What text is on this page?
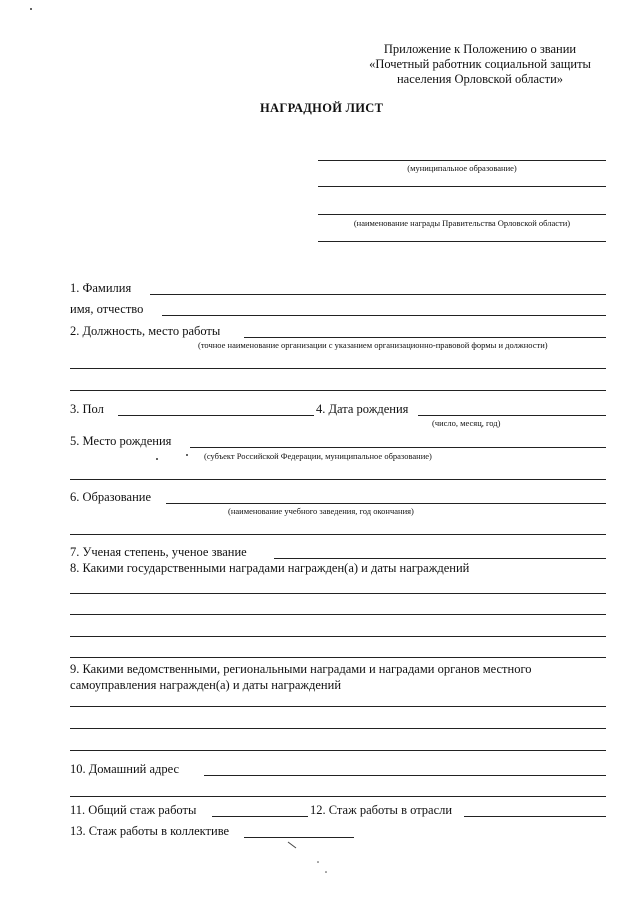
Приложение к Положению о звании
«Почетный работник социальной защиты
населения Орловской области»
НАГРАДНОЙ ЛИСТ
(муниципальное образование)
(наименование награды Правительства Орловской области)
1. Фамилия
имя, отчество
2. Должность, место работы
(точное наименование организации с указанием организационно-правовой формы и должности)
3. Пол	4. Дата рождения
(число, месяц, год)
5. Место рождения
(субъект Российской Федерации, муниципальное образование)
6. Образование
(наименование учебного заведения, год окончания)
7. Ученая степень, ученое звание
8. Какими государственными наградами награжден(а) и даты награждений
9. Какими ведомственными, региональными наградами и наградами органов местного
самоуправления награжден(а) и даты награждений
10. Домашний адрес
11. Общий стаж работы	12. Стаж работы в отрасли
13. Стаж работы в коллективе
